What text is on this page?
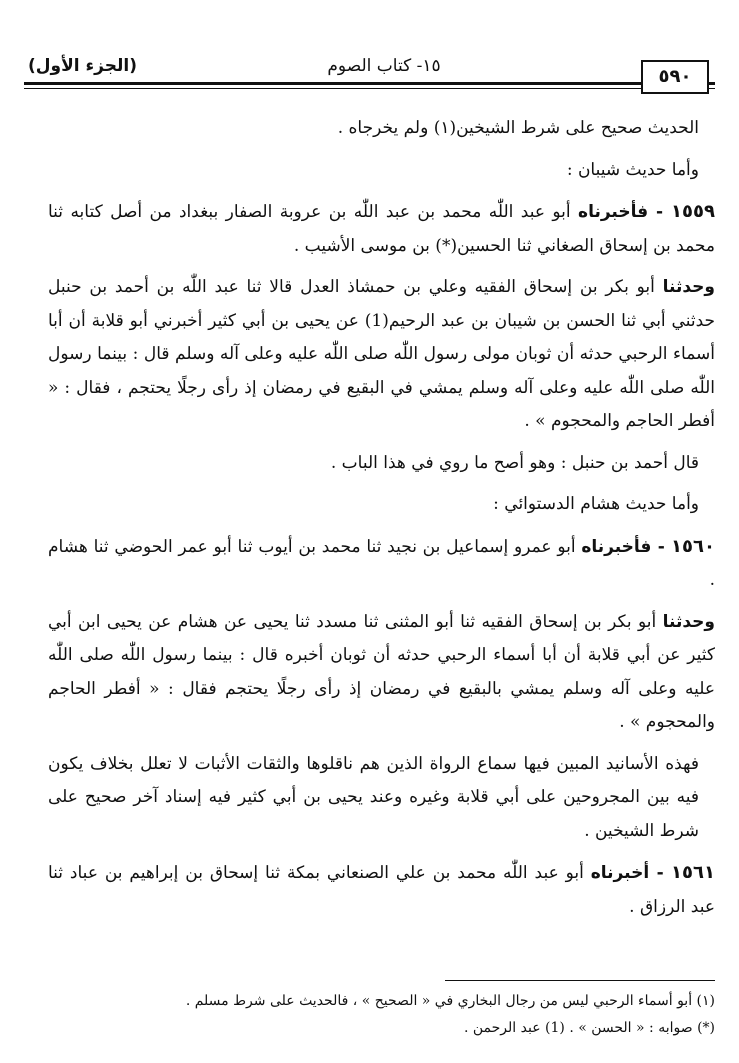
(الجزء الأول)	١٥- كتاب الصوم	٥٩٠

الحديث صحيح على شرط الشيخين(١) ولم يخرجاه .

وأما حديث شيبان :

١٥٥٩ - فأخبرناه أبو عبد اللّٰه محمد بن عبد اللّٰه بن عروبة الصفار ببغداد من أصل كتابه ثنا محمد بن إسحاق الصغاني ثنا الحسين(*) بن موسى الأشيب .

وحدثنا أبو بكر بن إسحاق الفقيه وعلي بن حمشاذ العدل قالا ثنا عبد اللّٰه بن أحمد بن حنبل حدثني أبي ثنا الحسن بن شيبان بن عبد الرحيم(1) عن يحيى بن أبي كثير أخبرني أبو قلابة أن أبا أسماء الرحبي حدثه أن ثوبان مولى رسول اللّٰه صلى اللّٰه عليه وعلى آله وسلم قال : بينما رسول اللّٰه صلى اللّٰه عليه وعلى آله وسلم يمشي في البقيع في رمضان إذ رأى رجلًا يحتجم ، فقال : « أفطر الحاجم والمحجوم » .

قال أحمد بن حنبل : وهو أصح ما روي في هذا الباب .

وأما حديث هشام الدستوائي :

١٥٦٠ - فأخبرناه أبو عمرو إسماعيل بن نجيد ثنا محمد بن أيوب ثنا أبو عمر الحوضي ثنا هشام .

وحدثنا أبو بكر بن إسحاق الفقيه ثنا أبو المثنى ثنا مسدد ثنا يحيى عن هشام عن يحيى ابن أبي كثير عن أبي قلابة أن أبا أسماء الرحبي حدثه أن ثوبان أخبره قال : بينما رسول اللّٰه صلى اللّٰه عليه وعلى آله وسلم يمشي بالبقيع في رمضان إذ رأى رجلًا يحتجم فقال : « أفطر الحاجم والمحجوم » .

فهذه الأسانيد المبين فيها سماع الرواة الذين هم ناقلوها والثقات الأثبات لا تعلل بخلاف يكون فيه بين المجروحين على أبي قلابة وغيره وعند يحيى بن أبي كثير فيه إسناد آخر صحيح على شرط الشيخين .

١٥٦١ - أخبرناه أبو عبد اللّٰه محمد بن علي الصنعاني بمكة ثنا إسحاق بن إبراهيم بن عباد ثنا عبد الرزاق .

(١) أبو أسماء الرحبي ليس من رجال البخاري في « الصحيح » ، فالحديث على شرط مسلم .
(*) صوابه : « الحسن » . (1) عبد الرحمن .
